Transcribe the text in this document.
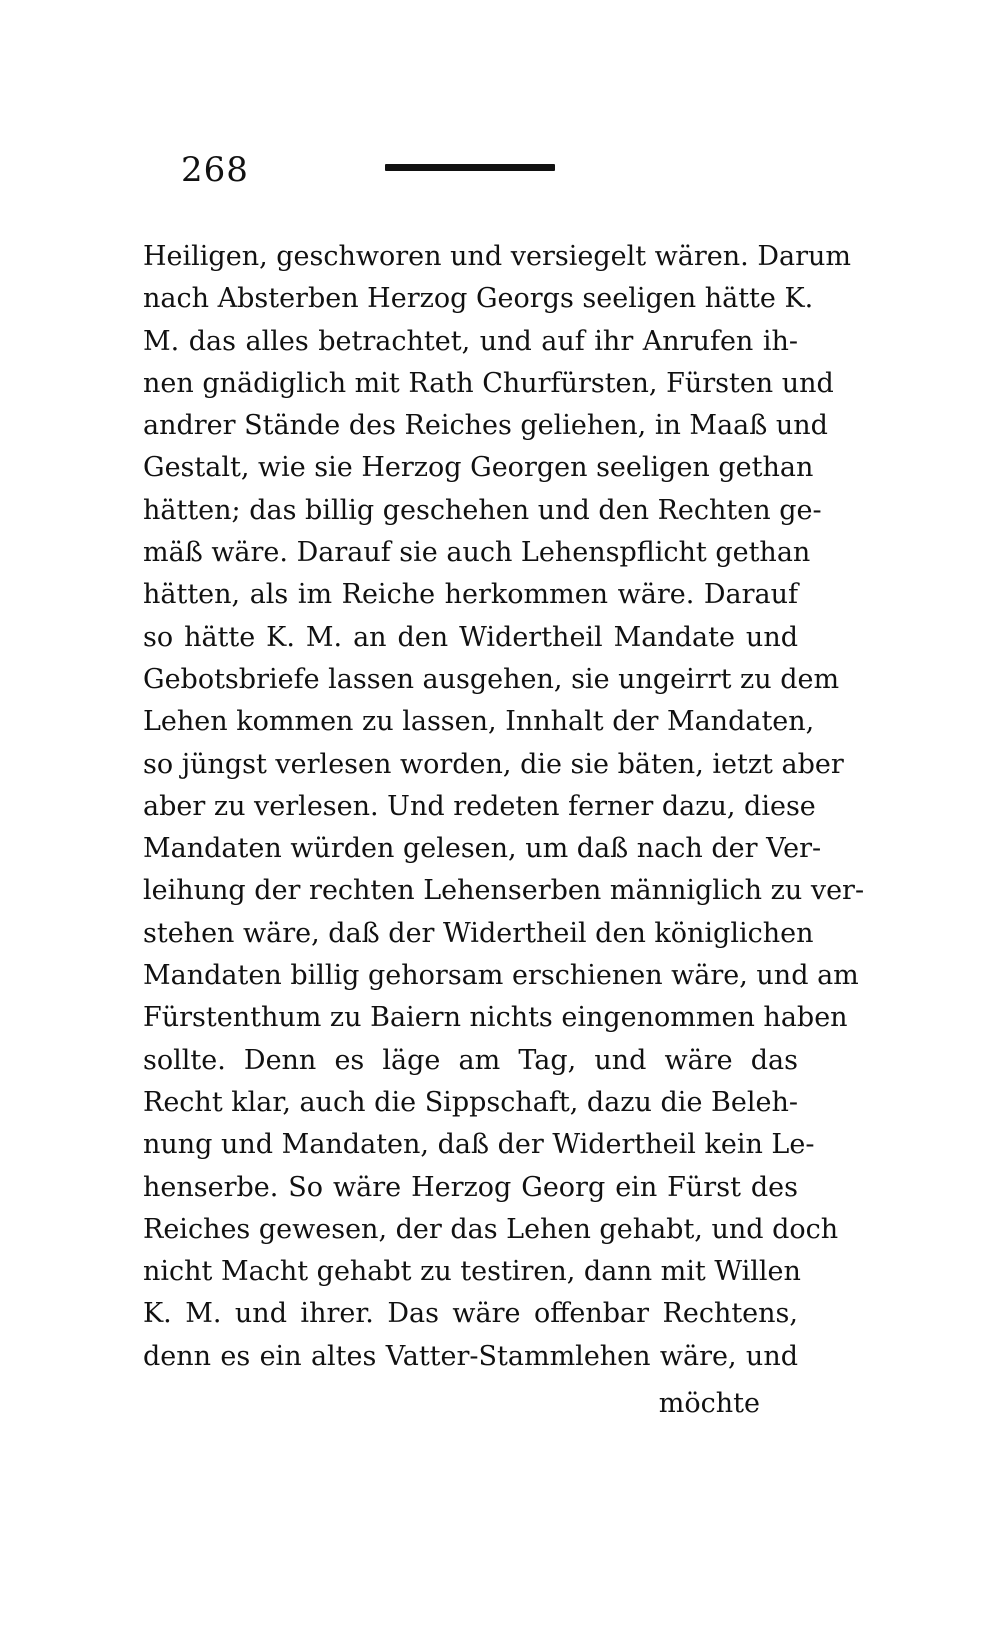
268
Heiligen, geschworen und versiegelt wären. Darum
nach Absterben Herzog Georgs seeligen hätte K.
M. das alles betrachtet, und auf ihr Anrufen ih-
nen gnädiglich mit Rath Churfürsten, Fürsten und
andrer Stände des Reiches geliehen, in Maaß und
Gestalt, wie sie Herzog Georgen seeligen gethan
hätten; das billig geschehen und den Rechten ge-
mäß wäre. Darauf sie auch Lehenspflicht gethan
hätten, als im Reiche herkommen wäre. Darauf
so hätte K. M. an den Widertheil Mandate und
Gebotsbriefe lassen ausgehen, sie ungeirrt zu dem
Lehen kommen zu lassen, Innhalt der Mandaten,
so jüngst verlesen worden, die sie bäten, ietzt aber
aber zu verlesen. Und redeten ferner dazu, diese
Mandaten würden gelesen, um daß nach der Ver-
leihung der rechten Lehenserben männiglich zu ver-
stehen wäre, daß der Widertheil den königlichen
Mandaten billig gehorsam erschienen wäre, und am
Fürstenthum zu Baiern nichts eingenommen haben
sollte. Denn es läge am Tag, und wäre das
Recht klar, auch die Sippschaft, dazu die Beleh-
nung und Mandaten, daß der Widertheil kein Le-
henserbe. So wäre Herzog Georg ein Fürst des
Reiches gewesen, der das Lehen gehabt, und doch
nicht Macht gehabt zu testiren, dann mit Willen
K. M. und ihrer. Das wäre offenbar Rechtens,
denn es ein altes Vatter-Stammlehen wäre, und
möchte
